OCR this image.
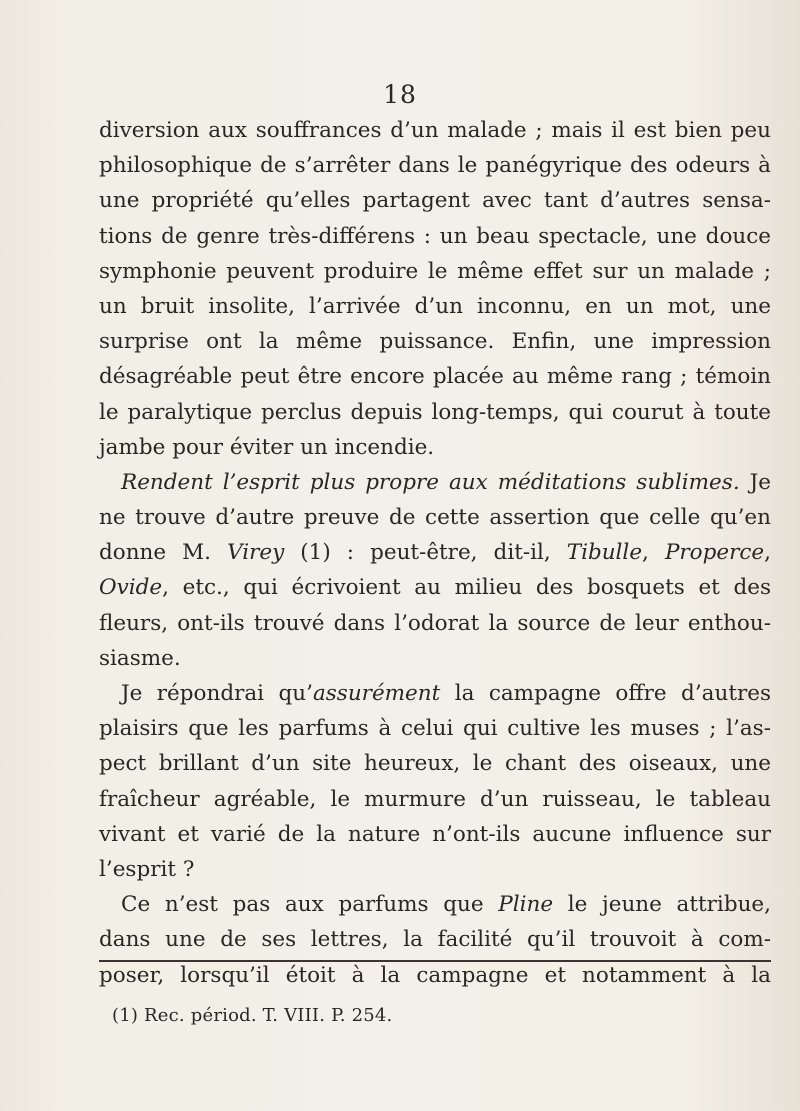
18
diversion aux souffrances d’un malade ; mais il est bien peu
philosophique de s’arrêter dans le panégyrique des odeurs à
une propriété qu’elles partagent avec tant d’autres sensa-
tions de genre très-différens : un beau spectacle, une douce
symphonie peuvent produire le même effet sur un malade ;
un bruit insolite, l’arrivée d’un inconnu, en un mot, une
surprise ont la même puissance. Enfin, une impression
désagréable peut être encore placée au même rang ; témoin
le paralytique perclus depuis long-temps, qui courut à toute
jambe pour éviter un incendie.
Rendent l’esprit plus propre aux méditations sublimes. Je
ne trouve d’autre preuve de cette assertion que celle qu’en
donne M. Virey (1) : peut-être, dit-il, Tibulle, Properce,
Ovide, etc., qui écrivoient au milieu des bosquets et des
fleurs, ont-ils trouvé dans l’odorat la source de leur enthou-
siasme.
Je répondrai qu’assurément la campagne offre d’autres
plaisirs que les parfums à celui qui cultive les muses ; l’as-
pect brillant d’un site heureux, le chant des oiseaux, une
fraîcheur agréable, le murmure d’un ruisseau, le tableau
vivant et varié de la nature n’ont-ils aucune influence sur
l’esprit ?
Ce n’est pas aux parfums que Pline le jeune attribue,
dans une de ses lettres, la facilité qu’il trouvoit à com-
poser, lorsqu’il étoit à la campagne et notamment à la
(1) Rec. périod. T. VIII. P. 254.
